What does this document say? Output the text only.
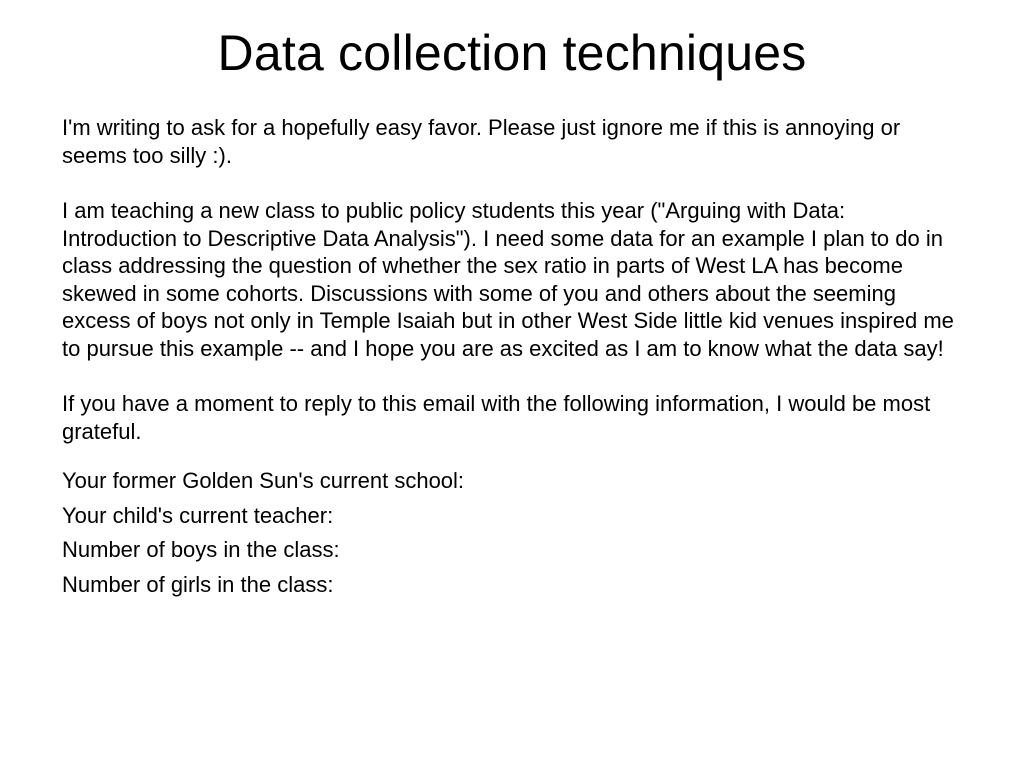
Data collection techniques

I'm writing to ask for a hopefully easy favor. Please just ignore me if this is annoying or seems too silly :).

I am teaching a new class to public policy students this year ("Arguing with Data: Introduction to Descriptive Data Analysis"). I need some data for an example I plan to do in class addressing the question of whether the sex ratio in parts of West LA has become skewed in some cohorts. Discussions with some of you and others about the seeming excess of boys not only in Temple Isaiah but in other West Side little kid venues inspired me to pursue this example -- and I hope you are as excited as I am to know what the data say!

If you have a moment to reply to this email with the following information, I would be most grateful.

Your former Golden Sun's current school:

Your child's current teacher:

Number of boys in the class:

Number of girls in the class:
